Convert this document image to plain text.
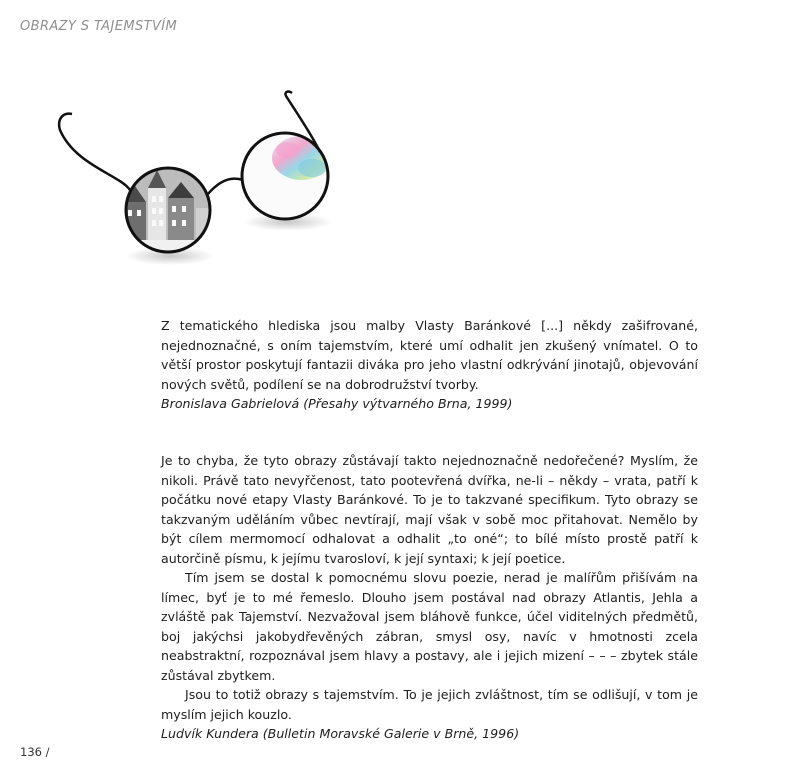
OBRAZY S TAJEMSTVÍM

Z tematického hlediska jsou malby Vlasty Baránkové [...] někdy zašifrované, nejednoznačné, s oním tajemstvím, které umí odhalit jen zkušený vnímatel. O to větší prostor poskytují fantazii diváka pro jeho vlastní odkrývání jinotajů, objevování nových světů, podílení se na dobrodružství tvorby.

Bronislava Gabrielová (Přesahy výtvarného Brna, 1999)

Je to chyba, že tyto obrazy zůstávají takto nejednoznačně nedořečené? Myslím, že nikoli. Právě tato nevyřčenost, tato pootevřená dvířka, ne-li – někdy – vrata, patří k počátku nové etapy Vlasty Baránkové. To je to takzvané specifikum. Tyto obrazy se takzvaným uděláním vůbec nevtírají, mají však v sobě moc přitahovat. Nemělo by být cílem mermomocí odhalovat a odhalit „to oné“; to bílé místo prostě patří k autorčině písmu, k jejímu tvarosloví, k její syntaxi; k její poetice.

Tím jsem se dostal k pomocnému slovu poezie, nerad je malířům přišívám na límec, byť je to mé řemeslo. Dlouho jsem postával nad obrazy Atlantis, Jehla a zvláště pak Tajemství. Nezvažoval jsem bláhově funkce, účel viditelných předmětů, boj jakýchsi jakobydřevěných zábran, smysl osy, navíc v hmotnosti zcela neabstraktní, rozpoznával jsem hlavy a postavy, ale i jejich mizení – – – zbytek stále zůstával zbytkem.

Jsou to totiž obrazy s tajemstvím. To je jejich zvláštnost, tím se odlišují, v tom je myslím jejich kouzlo.

Ludvík Kundera (Bulletin Moravské Galerie v Brně, 1996)

136 /
